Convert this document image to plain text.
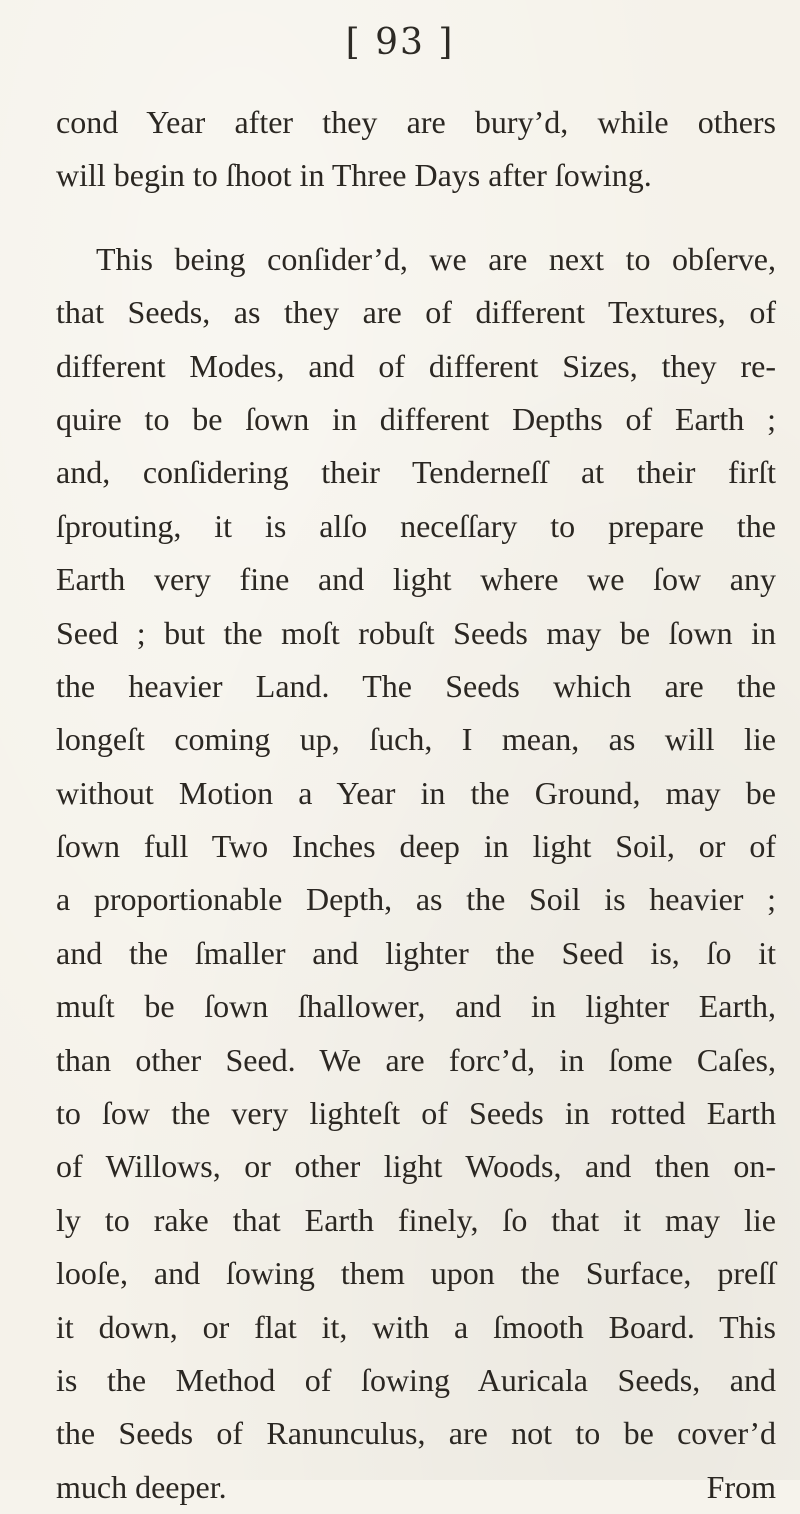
[ 93 ]
cond Year after they are bury’d, while others
will begin to ſhoot in Three Days after ſowing.
This being conſider’d, we are next to obſerve,
that Seeds, as they are of different Textures, of
different Modes, and of different Sizes, they re-
quire to be ſown in different Depths of Earth ;
and, conſidering their Tenderneſſ at their firſt
ſprouting, it is alſo neceſſary to prepare the
Earth very fine and light where we ſow any
Seed ; but the moſt robuſt Seeds may be ſown in
the heavier Land. The Seeds which are the
longeſt coming up, ſuch, I mean, as will lie
without Motion a Year in the Ground, may be
ſown full Two Inches deep in light Soil, or of
a proportionable Depth, as the Soil is heavier ;
and the ſmaller and lighter the Seed is, ſo it
muſt be ſown ſhallower, and in lighter Earth,
than other Seed. We are forc’d, in ſome Caſes,
to ſow the very lighteſt of Seeds in rotted Earth
of Willows, or other light Woods, and then on-
ly to rake that Earth finely, ſo that it may lie
looſe, and ſowing them upon the Surface, preſſ
it down, or flat it, with a ſmooth Board. This
is the Method of ſowing Auricala Seeds, and
the Seeds of Ranunculus, are not to be cover’d
much deeper.	From
